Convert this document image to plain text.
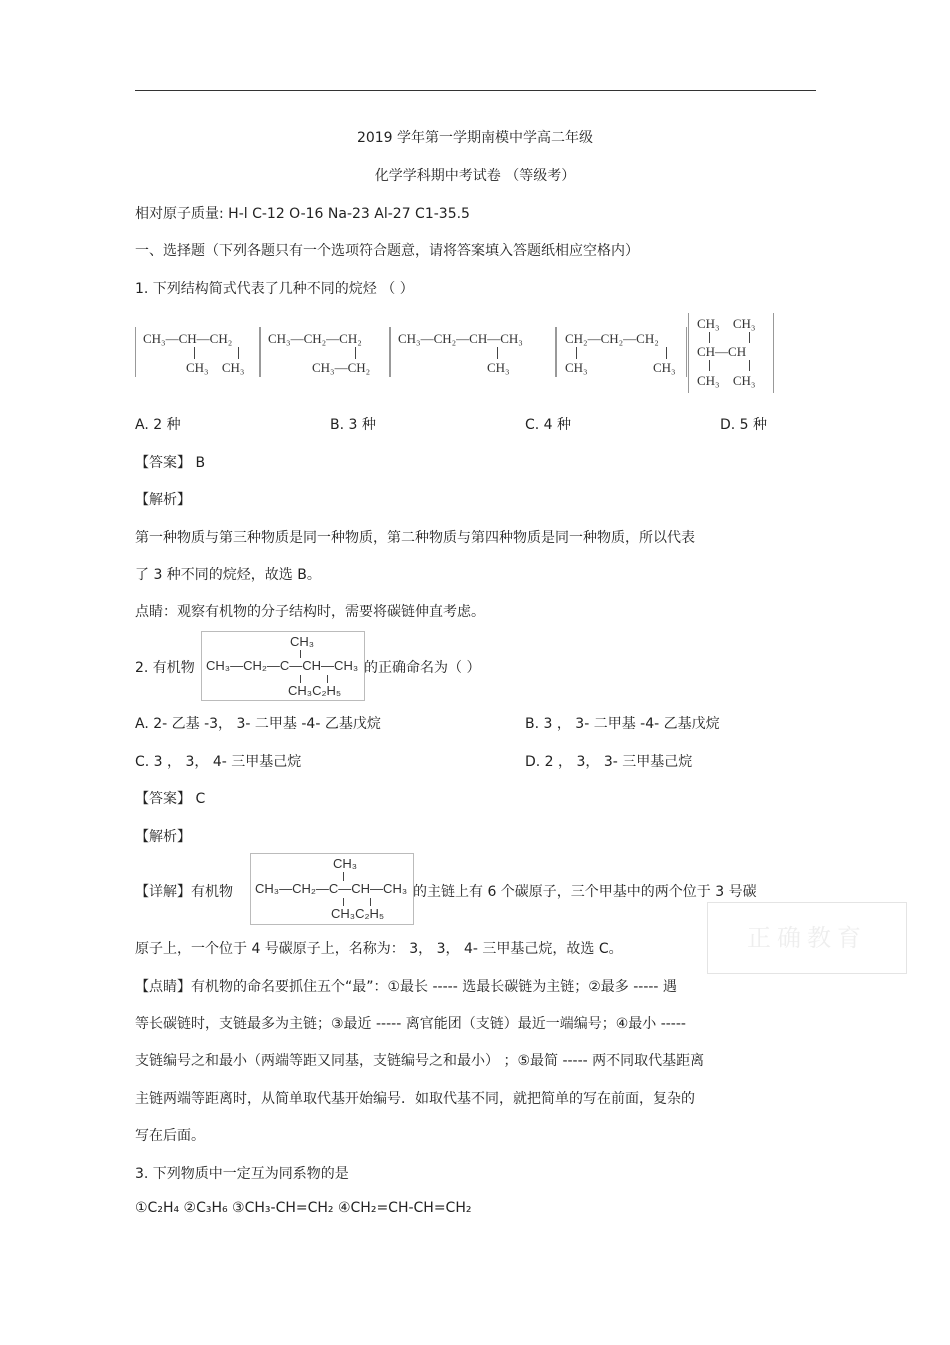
2019 学年第一学期南模中学高二年级
化学学科期中考试卷 （等级考）
相对原子质量: H-l C-12 O-16 Na-23 Al-27 C1-35.5
一、选择题（下列各题只有一个选项符合题意，请将答案填入答题纸相应空格内）
1. 下列结构简式代表了几种不同的烷烃 （ ）
CH₃—CH—CH₂
CH₃ CH₃
CH₃—CH₂—CH₂
CH₃—CH₂
CH₃—CH₂—CH—CH₃
CH₃
CH₂—CH₂—CH₂
CH₃	CH₃
CH₃ CH₃
CH—CH
CH₃ CH₃
A. 2 种	B. 3 种	C. 4 种	D. 5 种
【答案】 B
【解析】
第一种物质与第三种物质是同一种物质，第二种物质与第四种物质是同一种物质，所以代表
了 3 种不同的烷烃，故选 B。
点睛：观察有机物的分子结构时，需要将碳链伸直考虑。
2. 有机物
CH₃
CH₃—CH₂—C—CH—CH₃
CH₃C₂H₅
的正确命名为（ ）
A. 2- 乙基 -3， 3- 二甲基 -4- 乙基戊烷	B. 3 ， 3- 二甲基 -4- 乙基戊烷
C. 3 ， 3， 4- 三甲基己烷	D. 2 ， 3， 3- 三甲基己烷
【答案】 C
【解析】
【详解】有机物
CH₃
CH₃—CH₂—C—CH—CH₃
CH₃C₂H₅
的主链上有 6 个碳原子，三个甲基中的两个位于 3 号碳
正确教育
原子上，一个位于 4 号碳原子上，名称为： 3， 3， 4- 三甲基己烷，故选 C。
【点睛】有机物的命名要抓住五个“最”：①最长 ----- 选最长碳链为主链；②最多 ----- 遇
等长碳链时，支链最多为主链；③最近 ----- 离官能团（支链）最近一端编号；④最小 -----
支链编号之和最小（两端等距又同基，支链编号之和最小） ；⑤最简 ----- 两不同取代基距离
主链两端等距离时，从简单取代基开始编号．如取代基不同，就把简单的写在前面，复杂的
写在后面。
3. 下列物质中一定互为同系物的是
①C₂H₄ ②C₃H₆ ③CH₃-CH=CH₂ ④CH₂=CH-CH=CH₂
